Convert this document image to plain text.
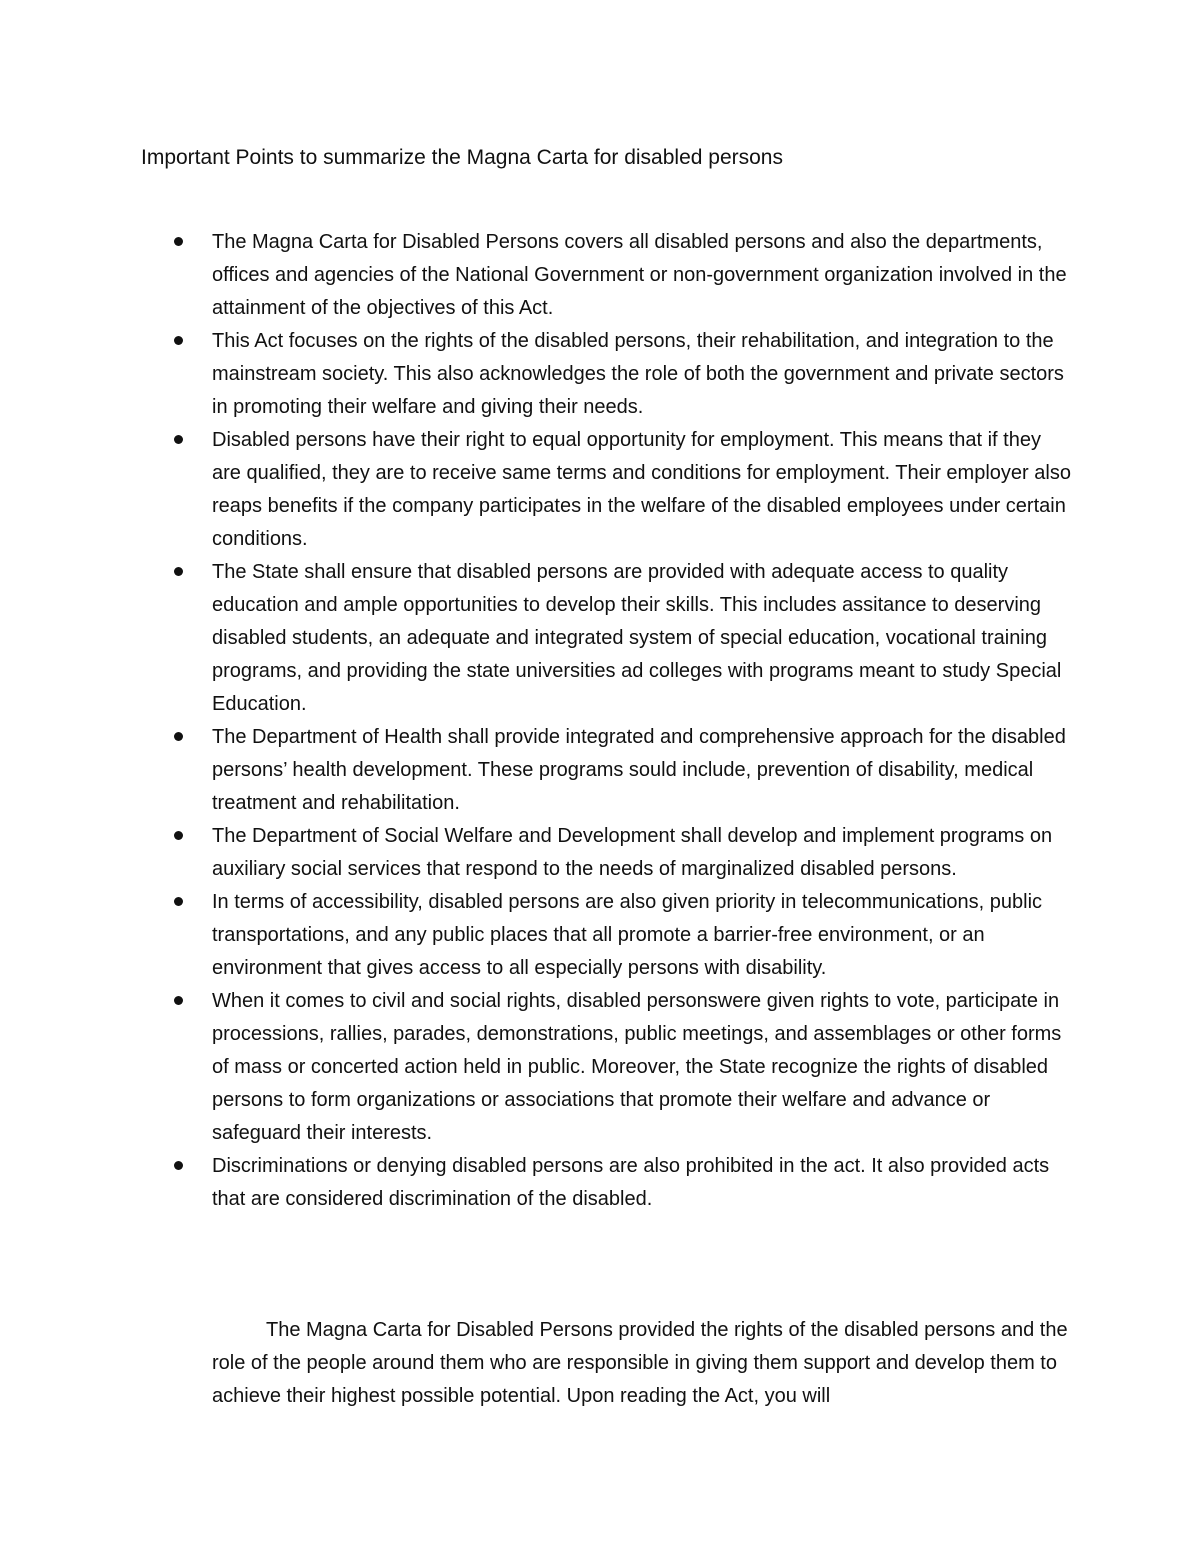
Important Points to summarize the Magna Carta for disabled persons
The Magna Carta for Disabled Persons covers all disabled persons and also the departments, offices and agencies of the National Government or non-government organization involved in the attainment of the objectives of this Act.
This Act focuses on the rights of the disabled persons, their rehabilitation, and integration to the mainstream society. This also acknowledges the role of both the government and private sectors in promoting their welfare and giving their needs.
Disabled persons have their right to equal opportunity for employment. This means that if they are qualified, they are to receive same terms and conditions for employment. Their employer also reaps benefits if the company participates in the welfare of the disabled employees under certain conditions.
The State shall ensure that disabled persons are provided with adequate access to quality education and ample opportunities to develop their skills. This includes assitance to deserving disabled students, an adequate and integrated system of special education, vocational training programs, and providing the state universities ad colleges with programs meant to study Special Education.
The Department of Health shall provide integrated and comprehensive approach for the disabled persons’ health development. These programs sould include, prevention of disability, medical treatment and rehabilitation.
The Department of Social Welfare and Development shall develop and implement programs on auxiliary social services that respond to the needs of marginalized disabled persons.
In terms of accessibility, disabled persons are also given priority in telecommunications, public transportations, and any public places that all promote a barrier-free environment, or an environment that gives access to all especially persons with disability.
When it comes to civil and social rights, disabled personswere given rights to vote, participate in processions, rallies, parades, demonstrations, public meetings, and assemblages or other forms of mass or concerted action held in public. Moreover, the State recognize the rights of disabled persons to form organizations or associations that promote their welfare and advance or safeguard their interests.
Discriminations or denying disabled persons are also prohibited in the act. It also provided acts that are considered discrimination of the disabled.

The Magna Carta for Disabled Persons provided the rights of the disabled persons and the role of the people around them who are responsible in giving them support and develop them to achieve their highest possible potential. Upon reading the Act, you will
